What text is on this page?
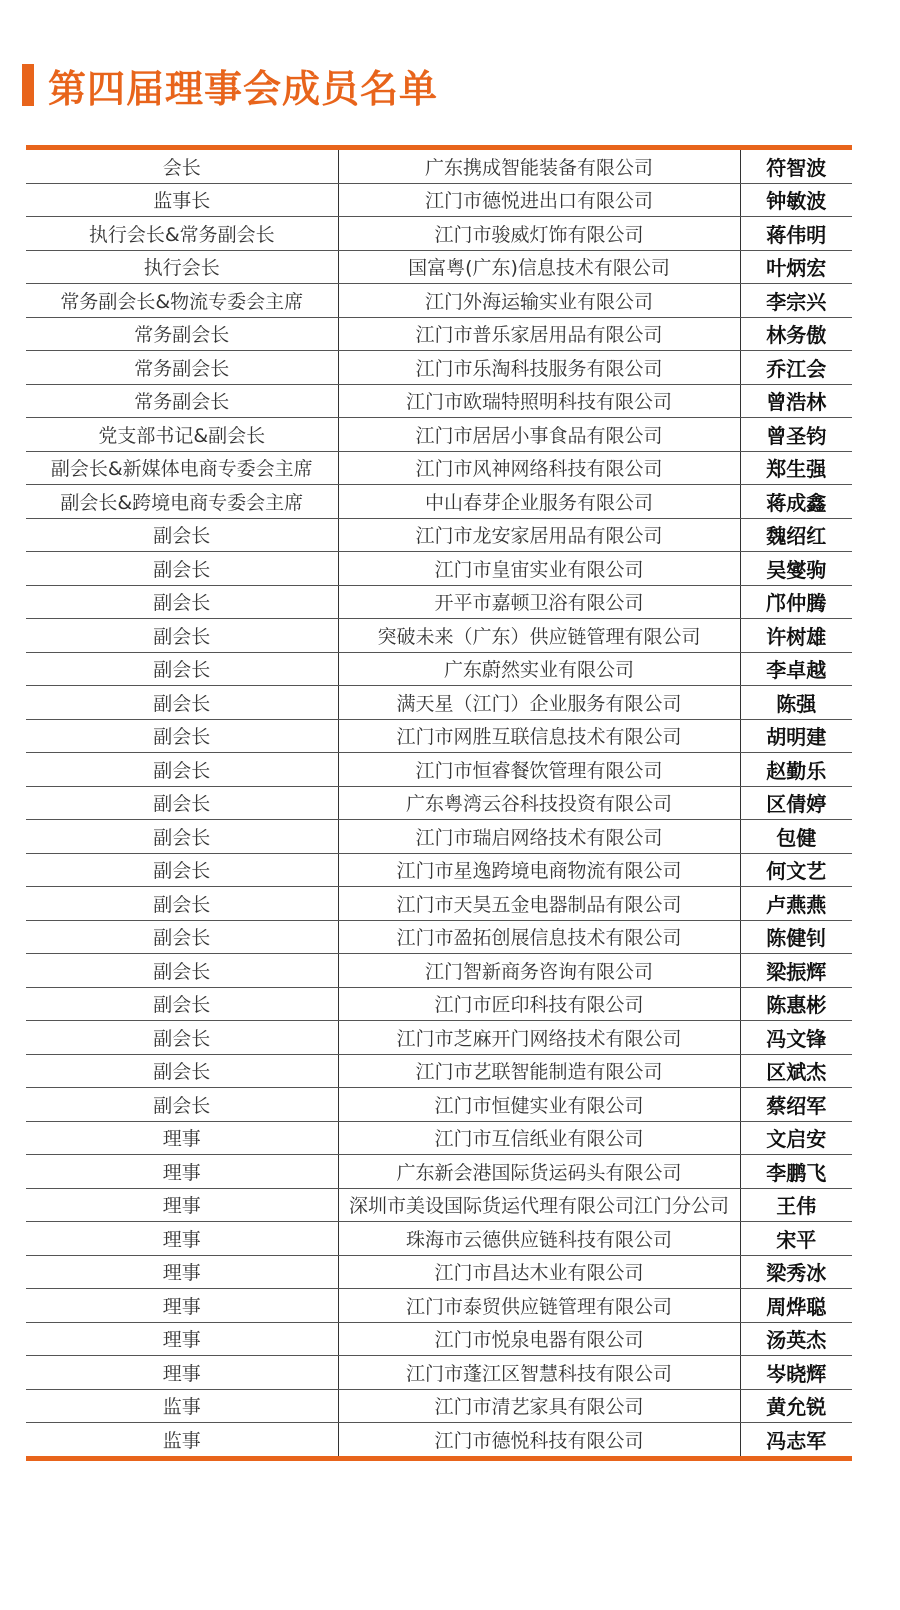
第四届理事会成员名单
会长	广东携成智能装备有限公司	符智波
监事长	江门市德悦进出口有限公司	钟敏波
执行会长&常务副会长	江门市骏威灯饰有限公司	蒋伟明
执行会长	国富粤(广东)信息技术有限公司	叶炳宏
常务副会长&物流专委会主席	江门外海运输实业有限公司	李宗兴
常务副会长	江门市普乐家居用品有限公司	林务傲
常务副会长	江门市乐淘科技服务有限公司	乔江会
常务副会长	江门市欧瑞特照明科技有限公司	曾浩林
党支部书记&副会长	江门市居居小事食品有限公司	曾圣钧
副会长&新媒体电商专委会主席	江门市风神网络科技有限公司	郑生强
副会长&跨境电商专委会主席	中山春芽企业服务有限公司	蒋成鑫
副会长	江门市龙安家居用品有限公司	魏绍红
副会长	江门市皇宙实业有限公司	吴燮驹
副会长	开平市嘉顿卫浴有限公司	邝仲腾
副会长	突破未来（广东）供应链管理有限公司	许树雄
副会长	广东蔚然实业有限公司	李卓越
副会长	满天星（江门）企业服务有限公司	陈强
副会长	江门市网胜互联信息技术有限公司	胡明建
副会长	江门市恒睿餐饮管理有限公司	赵勤乐
副会长	广东粤湾云谷科技投资有限公司	区倩婷
副会长	江门市瑞启网络技术有限公司	包健
副会长	江门市星逸跨境电商物流有限公司	何文艺
副会长	江门市天昊五金电器制品有限公司	卢燕燕
副会长	江门市盈拓创展信息技术有限公司	陈健钊
副会长	江门智新商务咨询有限公司	梁振辉
副会长	江门市匠印科技有限公司	陈惠彬
副会长	江门市芝麻开门网络技术有限公司	冯文锋
副会长	江门市艺联智能制造有限公司	区斌杰
副会长	江门市恒健实业有限公司	蔡绍军
理事	江门市互信纸业有限公司	文启安
理事	广东新会港国际货运码头有限公司	李鹏飞
理事	深圳市美设国际货运代理有限公司江门分公司	王伟
理事	珠海市云德供应链科技有限公司	宋平
理事	江门市昌达木业有限公司	梁秀冰
理事	江门市泰贸供应链管理有限公司	周烨聪
理事	江门市悦泉电器有限公司	汤英杰
理事	江门市蓬江区智慧科技有限公司	岑晓辉
监事	江门市清艺家具有限公司	黄允锐
监事	江门市德悦科技有限公司	冯志军
